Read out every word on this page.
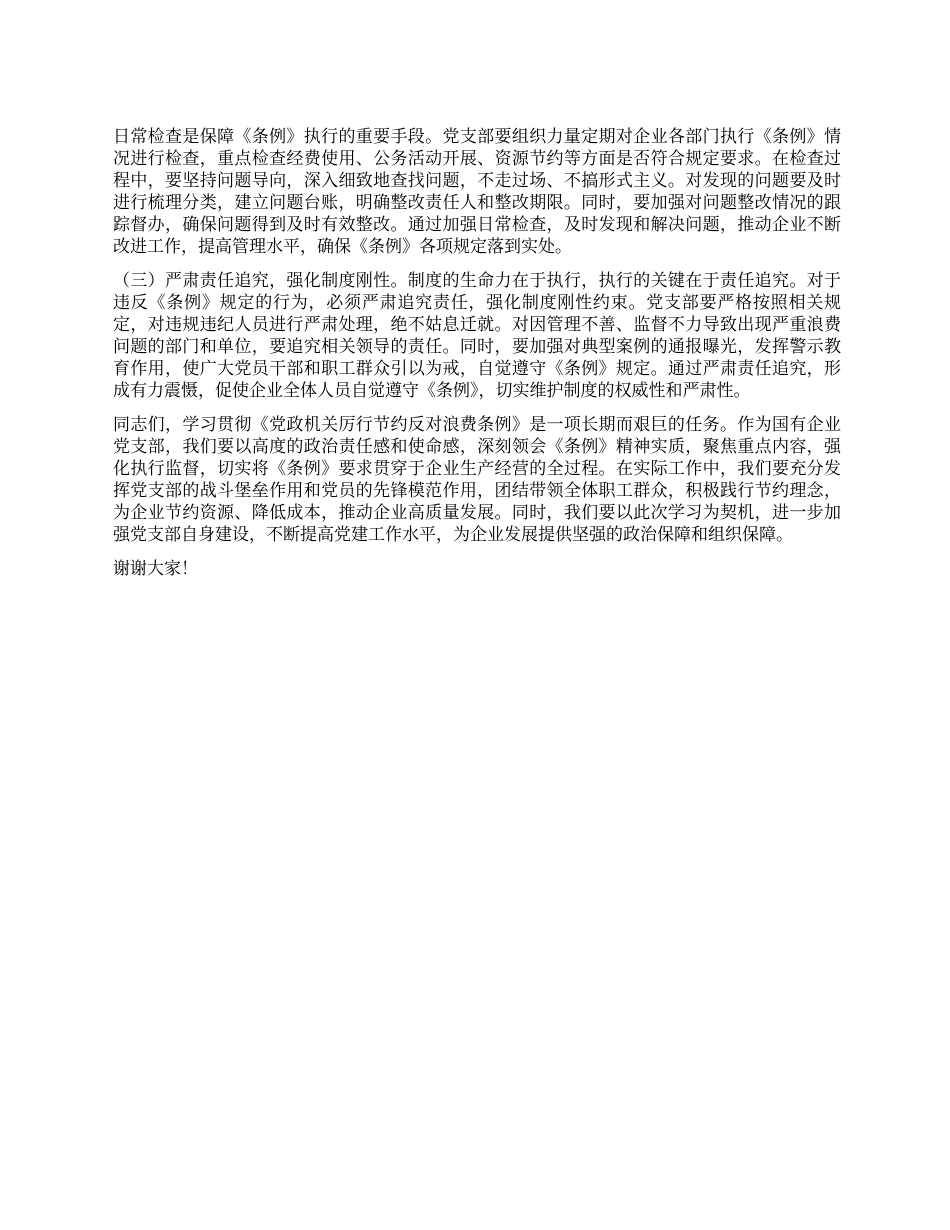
日常检查是保障《条例》执行的重要手段。党支部要组织力量定期对企业各部门执行《条例》情况进行检查，重点检查经费使用、公务活动开展、资源节约等方面是否符合规定要求。在检查过程中，要坚持问题导向，深入细致地查找问题，不走过场、不搞形式主义。对发现的问题要及时进行梳理分类，建立问题台账，明确整改责任人和整改期限。同时，要加强对问题整改情况的跟踪督办，确保问题得到及时有效整改。通过加强日常检查，及时发现和解决问题，推动企业不断改进工作，提高管理水平，确保《条例》各项规定落到实处。

（三）严肃责任追究，强化制度刚性。制度的生命力在于执行，执行的关键在于责任追究。对于违反《条例》规定的行为，必须严肃追究责任，强化制度刚性约束。党支部要严格按照相关规定，对违规违纪人员进行严肃处理，绝不姑息迁就。对因管理不善、监督不力导致出现严重浪费问题的部门和单位，要追究相关领导的责任。同时，要加强对典型案例的通报曝光，发挥警示教育作用，使广大党员干部和职工群众引以为戒，自觉遵守《条例》规定。通过严肃责任追究，形成有力震慑，促使企业全体人员自觉遵守《条例》，切实维护制度的权威性和严肃性。

同志们，学习贯彻《党政机关厉行节约反对浪费条例》是一项长期而艰巨的任务。作为国有企业党支部，我们要以高度的政治责任感和使命感，深刻领会《条例》精神实质，聚焦重点内容，强化执行监督，切实将《条例》要求贯穿于企业生产经营的全过程。在实际工作中，我们要充分发挥党支部的战斗堡垒作用和党员的先锋模范作用，团结带领全体职工群众，积极践行节约理念，为企业节约资源、降低成本，推动企业高质量发展。同时，我们要以此次学习为契机，进一步加强党支部自身建设，不断提高党建工作水平，为企业发展提供坚强的政治保障和组织保障。

谢谢大家！
